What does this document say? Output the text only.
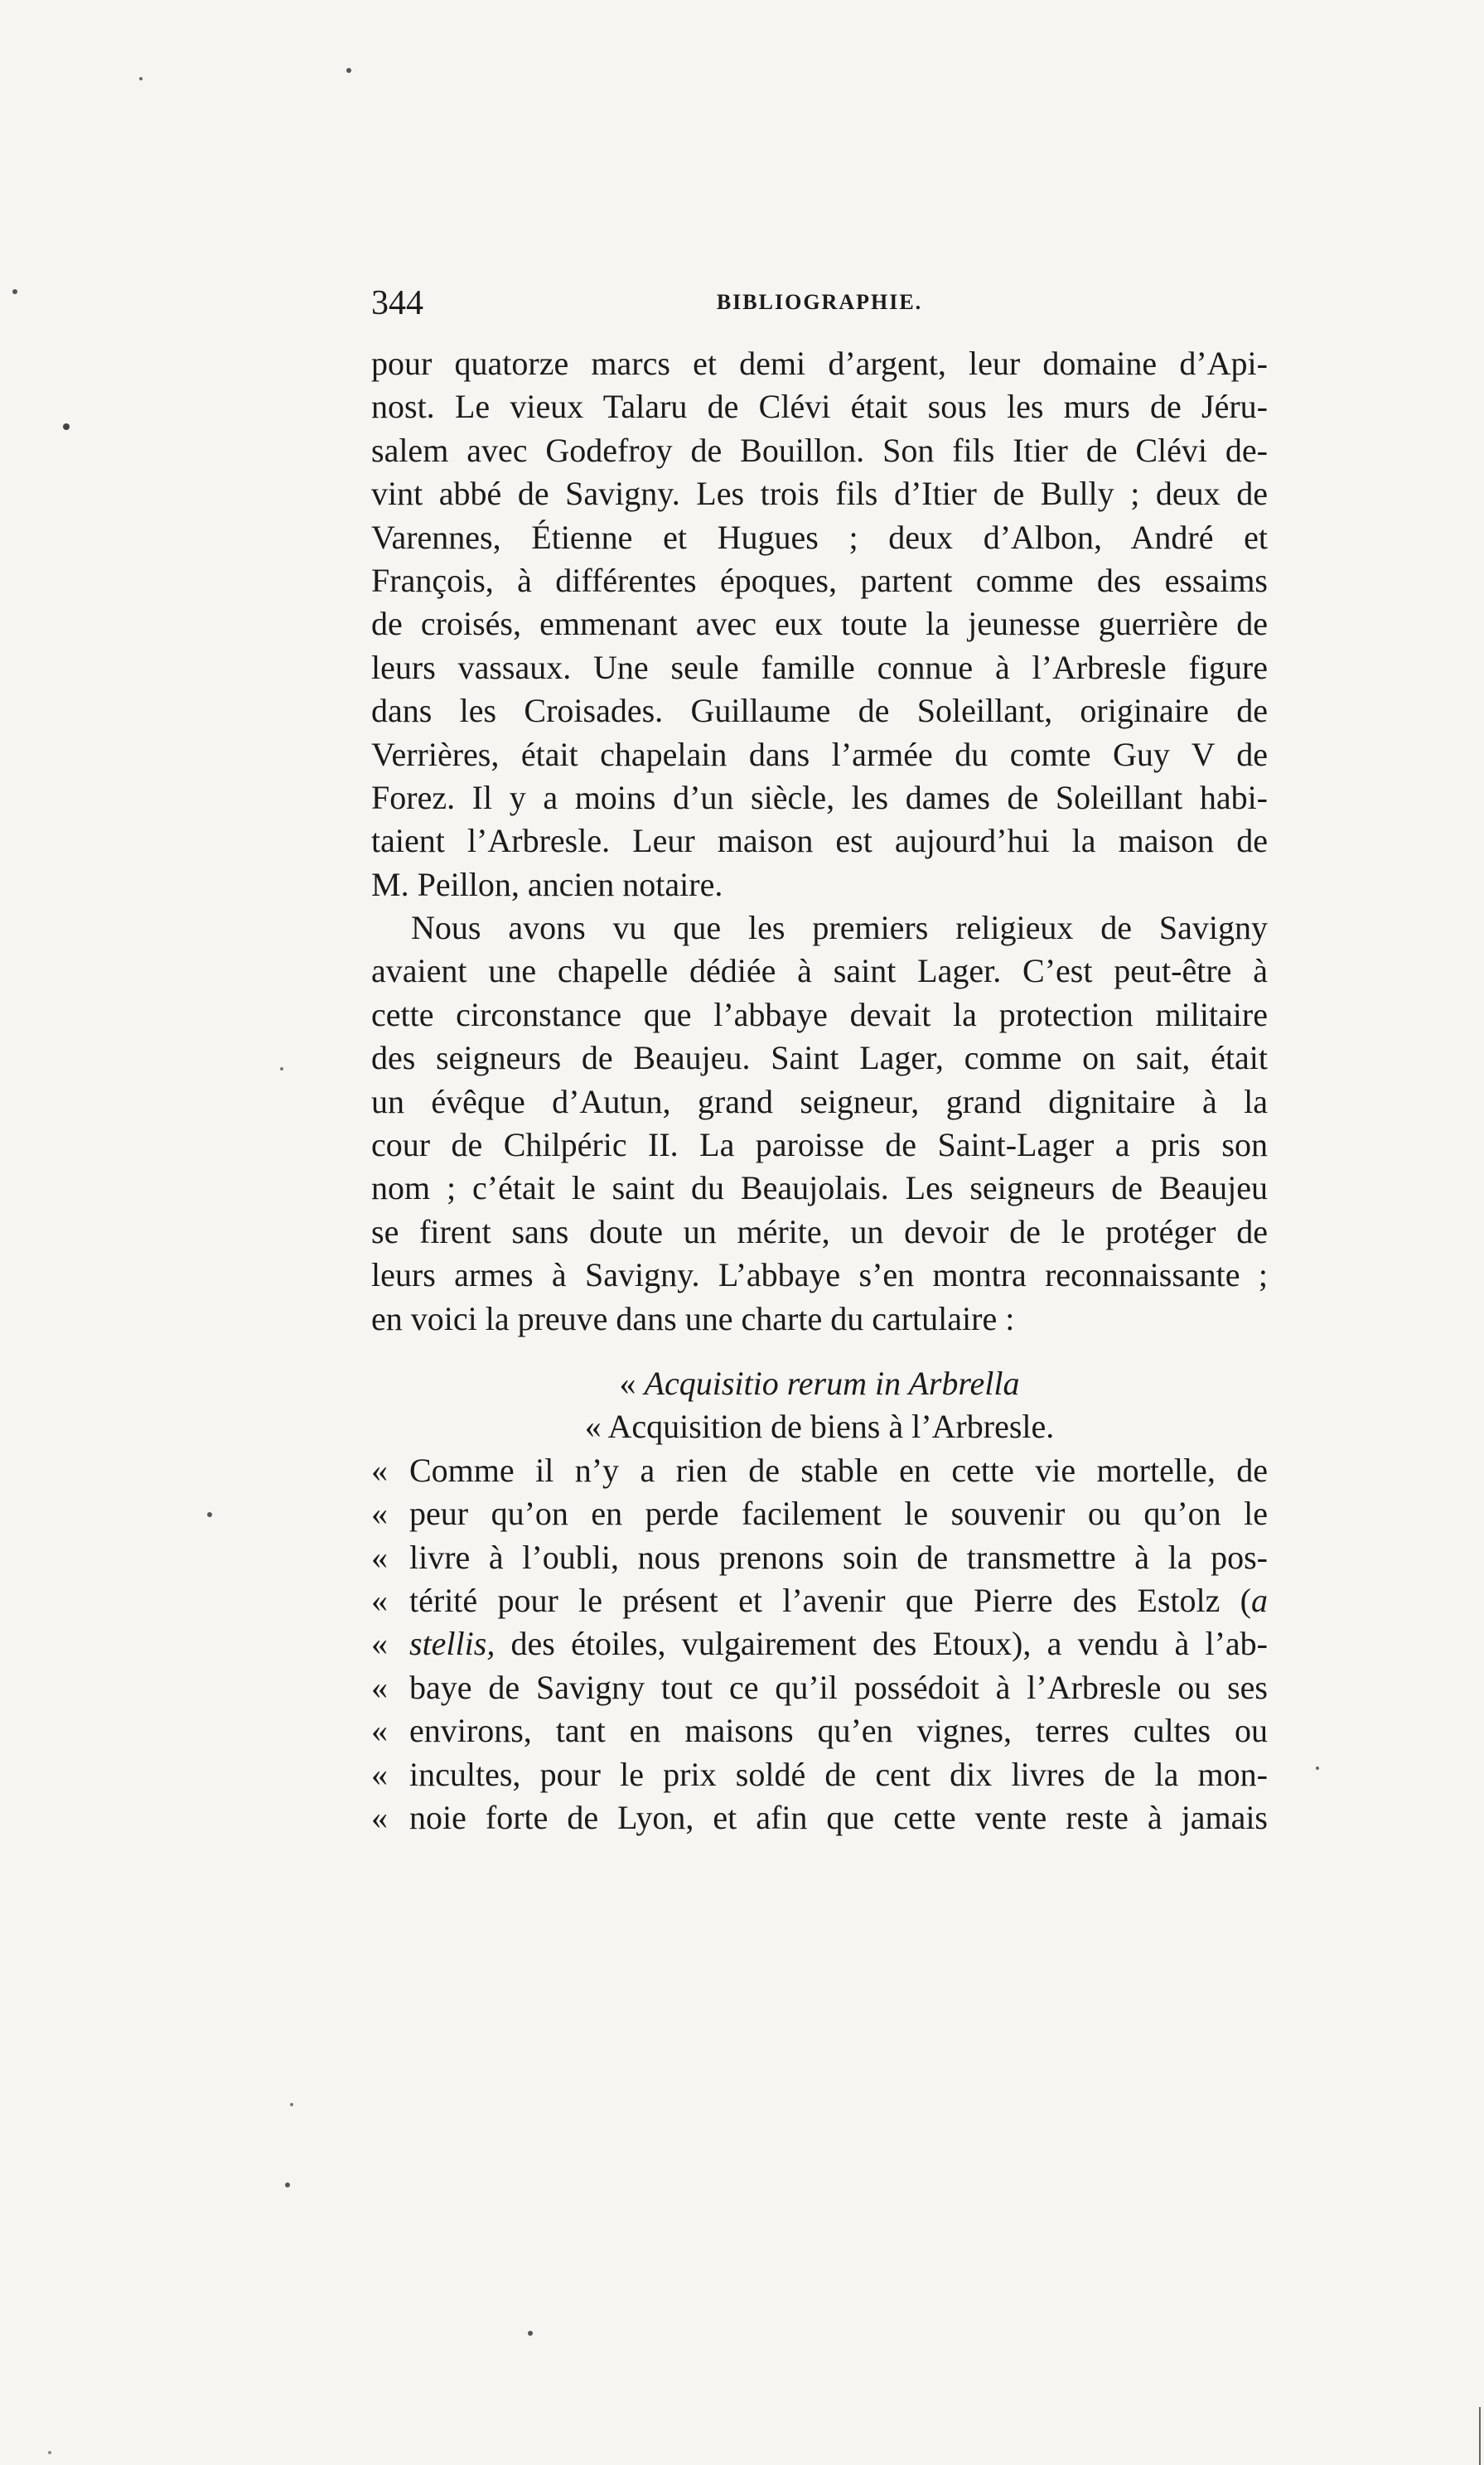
344	BIBLIOGRAPHIE.
pour quatorze marcs et demi d’argent, leur domaine d’Api-
nost. Le vieux Talaru de Clévi était sous les murs de Jéru-
salem avec Godefroy de Bouillon. Son fils Itier de Clévi de-
vint abbé de Savigny. Les trois fils d’Itier de Bully ; deux de
Varennes, Étienne et Hugues ; deux d’Albon, André et
François, à différentes époques, partent comme des essaims
de croisés, emmenant avec eux toute la jeunesse guerrière de
leurs vassaux. Une seule famille connue à l’Arbresle figure
dans les Croisades. Guillaume de Soleillant, originaire de
Verrières, était chapelain dans l’armée du comte Guy V de
Forez. Il y a moins d’un siècle, les dames de Soleillant habi-
taient l’Arbresle. Leur maison est aujourd’hui la maison de
M. Peillon, ancien notaire.
Nous avons vu que les premiers religieux de Savigny
avaient une chapelle dédiée à saint Lager. C’est peut-être à
cette circonstance que l’abbaye devait la protection militaire
des seigneurs de Beaujeu. Saint Lager, comme on sait, était
un évêque d’Autun, grand seigneur, grand dignitaire à la
cour de Chilpéric II. La paroisse de Saint-Lager a pris son
nom ; c’était le saint du Beaujolais. Les seigneurs de Beaujeu
se firent sans doute un mérite, un devoir de le protéger de
leurs armes à Savigny. L’abbaye s’en montra reconnaissante ;
en voici la preuve dans une charte du cartulaire :
« Acquisitio rerum in Arbrella
« Acquisition de biens à l’Arbresle.
« Comme il n’y a rien de stable en cette vie mortelle, de
« peur qu’on en perde facilement le souvenir ou qu’on le
« livre à l’oubli, nous prenons soin de transmettre à la pos-
« térité pour le présent et l’avenir que Pierre des Estolz (a
« stellis, des étoiles, vulgairement des Etoux), a vendu à l’ab-
« baye de Savigny tout ce qu’il possédoit à l’Arbresle ou ses
« environs, tant en maisons qu’en vignes, terres cultes ou
« incultes, pour le prix soldé de cent dix livres de la mon-
« noie forte de Lyon, et afin que cette vente reste à jamais
